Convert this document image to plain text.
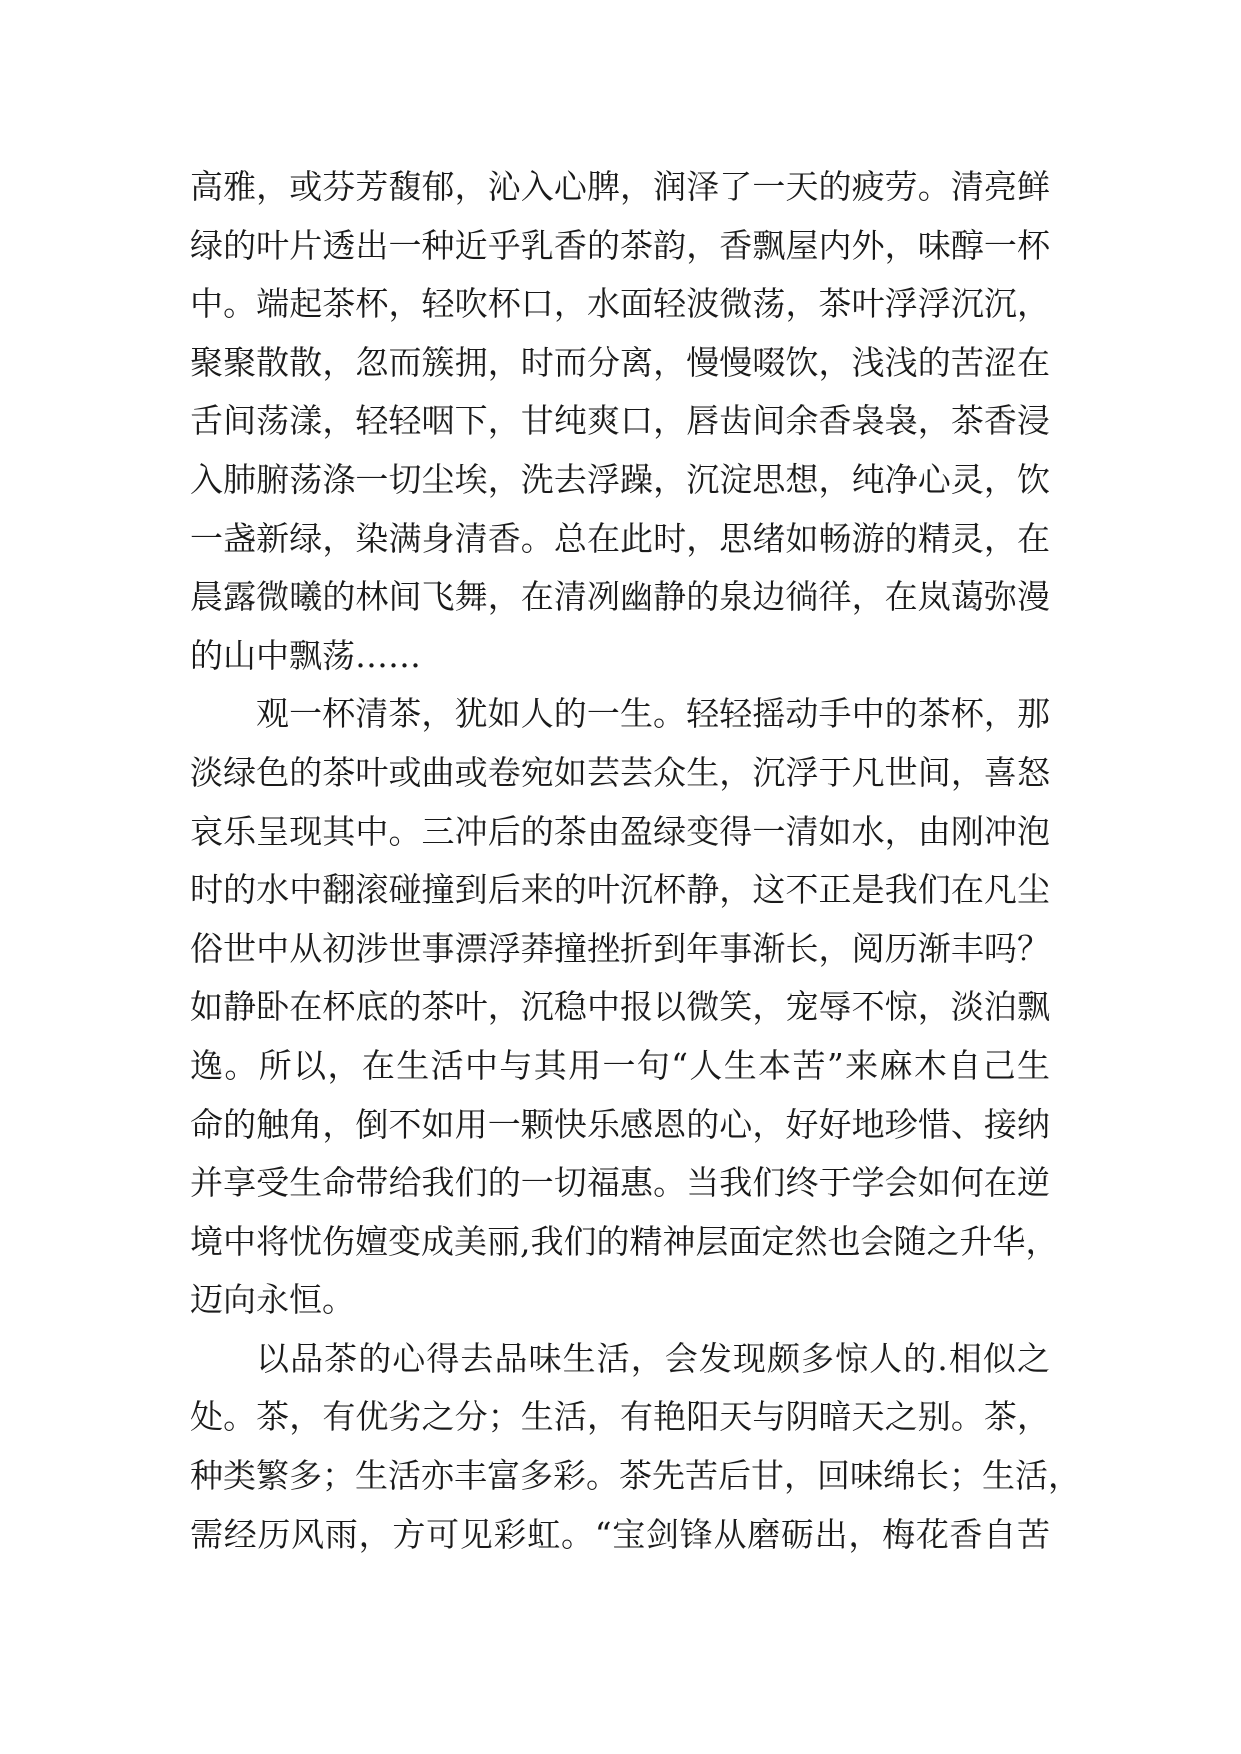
高雅，或芬芳馥郁，沁入心脾，润泽了一天的疲劳。清亮鲜
绿的叶片透出一种近乎乳香的茶韵，香飘屋内外，味醇一杯
中。端起茶杯，轻吹杯口，水面轻波微荡，茶叶浮浮沉沉，
聚聚散散，忽而簇拥，时而分离，慢慢啜饮，浅浅的苦涩在
舌间荡漾，轻轻咽下，甘纯爽口，唇齿间余香袅袅，茶香浸
入肺腑荡涤一切尘埃，洗去浮躁，沉淀思想，纯净心灵，饮
一盏新绿，染满身清香。总在此时，思绪如畅游的精灵，在
晨露微曦的林间飞舞，在清冽幽静的泉边徜徉，在岚蔼弥漫
的山中飘荡……
观一杯清茶，犹如人的一生。轻轻摇动手中的茶杯，那
淡绿色的茶叶或曲或卷宛如芸芸众生，沉浮于凡世间，喜怒
哀乐呈现其中。三冲后的茶由盈绿变得一清如水，由刚冲泡
时的水中翻滚碰撞到后来的叶沉杯静，这不正是我们在凡尘
俗世中从初涉世事漂浮莽撞挫折到年事渐长，阅历渐丰吗？
如静卧在杯底的茶叶，沉稳中报以微笑，宠辱不惊，淡泊飘
逸。所以，在生活中与其用一句“人生本苦”来麻木自己生
命的触角，倒不如用一颗快乐感恩的心，好好地珍惜、接纳
并享受生命带给我们的一切福惠。当我们终于学会如何在逆
境中将忧伤嬗变成美丽,我们的精神层面定然也会随之升华，
迈向永恒。
以品茶的心得去品味生活，会发现颇多惊人的.相似之
处。茶，有优劣之分；生活，有艳阳天与阴暗天之别。茶，
种类繁多；生活亦丰富多彩。茶先苦后甘，回味绵长；生活，
需经历风雨，方可见彩虹。“宝剑锋从磨砺出，梅花香自苦
